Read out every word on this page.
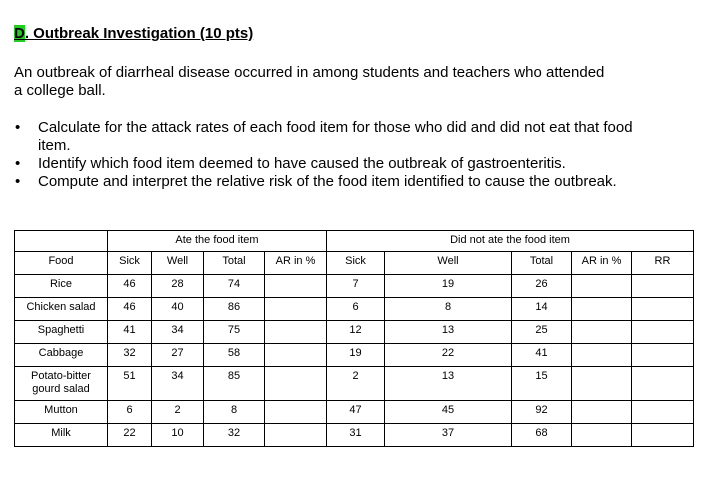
D. Outbreak Investigation (10 pts)
An outbreak of diarrheal disease occurred in among students and teachers who attended a college ball.
• Calculate for the attack rates of each food item for those who did and did not eat that food item.
• Identify which food item deemed to have caused the outbreak of gastroenteritis.
• Compute and interpret the relative risk of the food item identified to cause the outbreak.
	Ate the food item				Did not ate the food item				
Food	Sick	Well	Total	AR in %	Sick	Well	Total	AR in %	RR
Rice	46	28	74		7	19	26		
Chicken salad	46	40	86		6	8	14		
Spaghetti	41	34	75		12	13	25		
Cabbage	32	27	58		19	22	41		
Potato-bitter gourd salad	51	34	85		2	13	15		
Mutton	6	2	8		47	45	92		
Milk	22	10	32		31	37	68		
